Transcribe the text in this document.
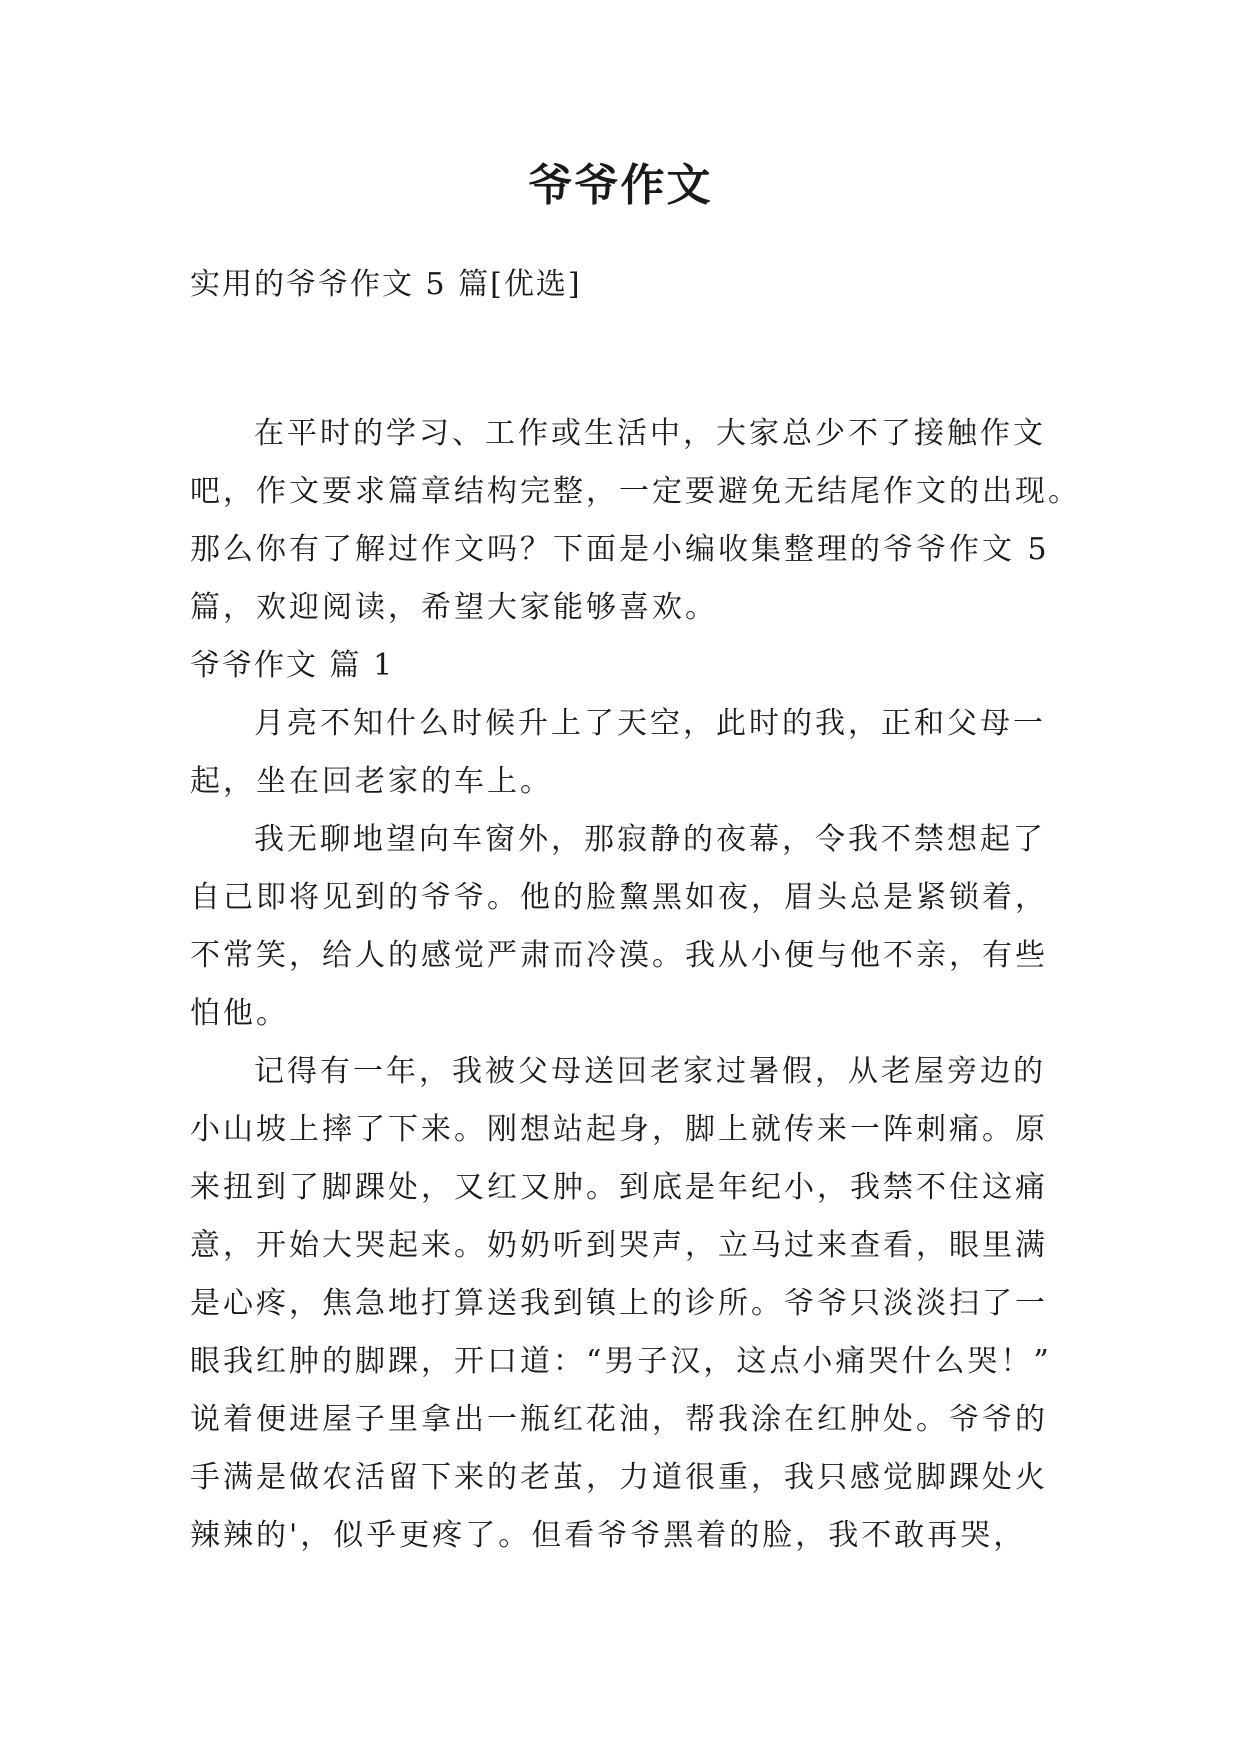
爷爷作文

实用的爷爷作文 5 篇[优选]

在平时的学习、工作或生活中，大家总少不了接触作文

吧，作文要求篇章结构完整，一定要避免无结尾作文的出现。

那么你有了解过作文吗？下面是小编收集整理的爷爷作文 5

篇，欢迎阅读，希望大家能够喜欢。

爷爷作文 篇 1

月亮不知什么时候升上了天空，此时的我，正和父母一

起，坐在回老家的车上。

我无聊地望向车窗外，那寂静的夜幕，令我不禁想起了

自己即将见到的爷爷。他的脸黧黑如夜，眉头总是紧锁着，

不常笑，给人的感觉严肃而冷漠。我从小便与他不亲，有些

怕他。

记得有一年，我被父母送回老家过暑假，从老屋旁边的

小山坡上摔了下来。刚想站起身，脚上就传来一阵刺痛。原

来扭到了脚踝处，又红又肿。到底是年纪小，我禁不住这痛

意，开始大哭起来。奶奶听到哭声，立马过来查看，眼里满

是心疼，焦急地打算送我到镇上的诊所。爷爷只淡淡扫了一

眼我红肿的脚踝，开口道：“男子汉，这点小痛哭什么哭！”

说着便进屋子里拿出一瓶红花油，帮我涂在红肿处。爷爷的

手满是做农活留下来的老茧，力道很重，我只感觉脚踝处火

辣辣的'，似乎更疼了。但看爷爷黑着的脸，我不敢再哭，
